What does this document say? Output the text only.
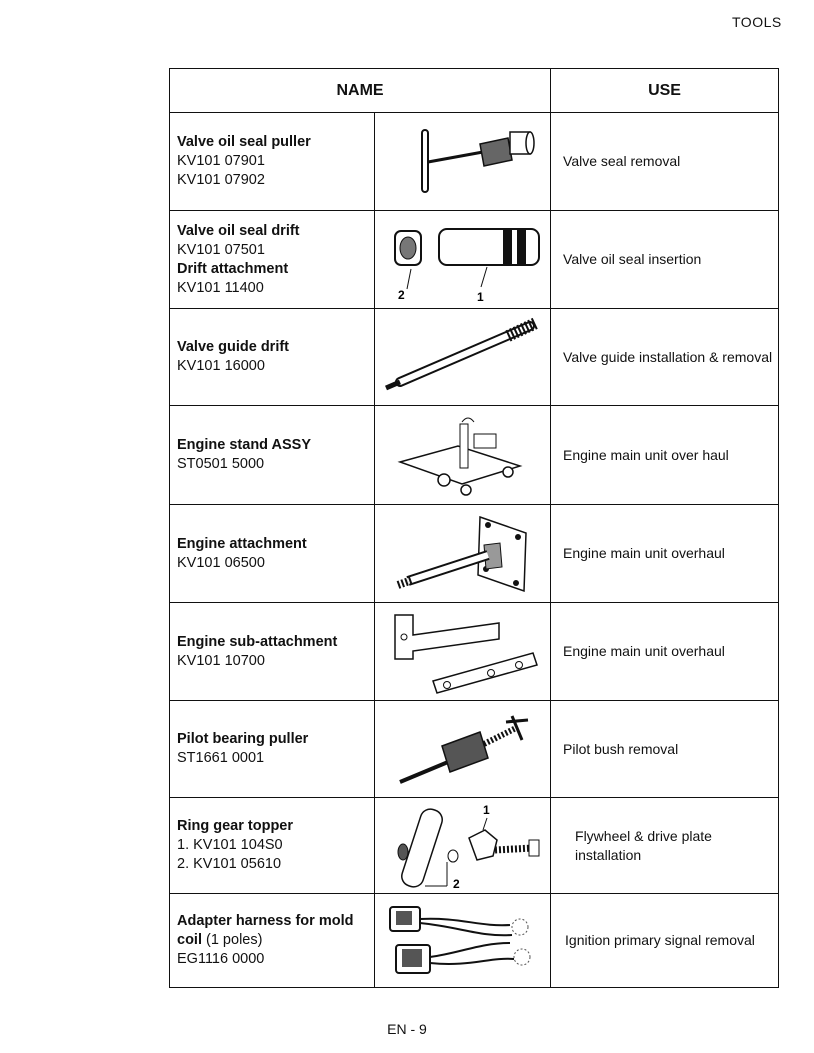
TOOLS
NAME		USE

Valve oil seal puller
KV101 07901
KV101 07902		Valve seal removal

Valve oil seal drift
KV101 07501
Drift attachment
KV101 11400	2 1	Valve oil seal insertion

Valve guide drift
KV101 16000		Valve guide installation & removal

Engine stand ASSY
ST0501 5000		Engine main unit over haul

Engine attachment
KV101 06500		Engine main unit overhaul

Engine sub-attachment
KV101 10700		Engine main unit overhaul

Pilot bearing puller
ST1661 0001		Pilot bush removal

Ring gear topper
1. KV101 104S0
2. KV101 05610	1
2	Flywheel & drive plate installation

Adapter harness for mold coil (1 poles)
EG1116 0000		Ignition primary signal removal
EN - 9
